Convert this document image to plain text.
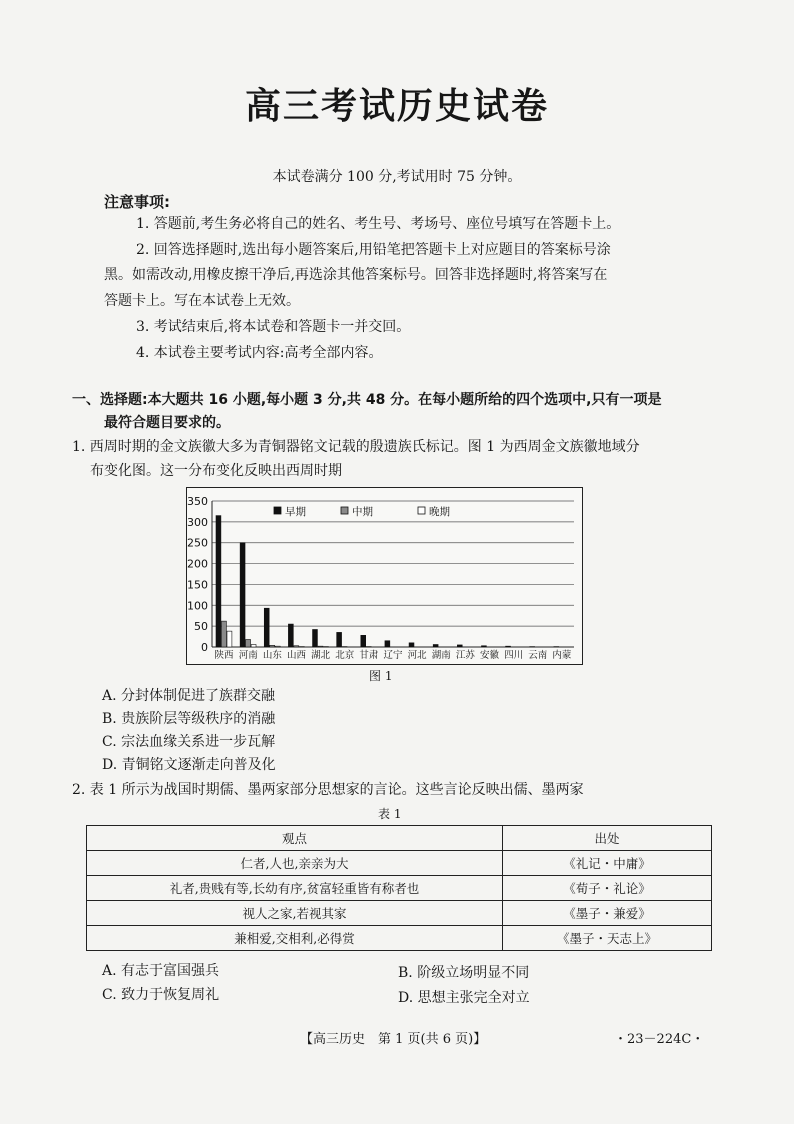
高三考试历史试卷
本试卷满分 100 分,考试用时 75 分钟。
注意事项:
1. 答题前,考生务必将自己的姓名、考生号、考场号、座位号填写在答题卡上。
2. 回答选择题时,选出每小题答案后,用铅笔把答题卡上对应题目的答案标号涂
黑。如需改动,用橡皮擦干净后,再选涂其他答案标号。回答非选择题时,将答案写在
答题卡上。写在本试卷上无效。
3. 考试结束后,将本试卷和答题卡一并交回。
4. 本试卷主要考试内容:高考全部内容。
一、选择题:本大题共 16 小题,每小题 3 分,共 48 分。在每小题所给的四个选项中,只有一项是
最符合题目要求的。
1. 西周时期的金文族徽大多为青铜器铭文记载的殷遗族氏标记。图 1 为西周金文族徽地域分
布变化图。这一分布变化反映出西周时期
0
50
100
150
200
250
300
350
陕西 河南 山东 山西 湖北 北京 甘肃 辽宁 河北 湖南 江苏 安徽 四川 云南 内蒙
早期	中期	晚期
图 1
A. 分封体制促进了族群交融
B. 贵族阶层等级秩序的消融
C. 宗法血缘关系进一步瓦解
D. 青铜铭文逐渐走向普及化
2. 表 1 所示为战国时期儒、墨两家部分思想家的言论。这些言论反映出儒、墨两家
表 1
观点	出处
仁者,人也,亲亲为大	《礼记・中庸》
礼者,贵贱有等,长幼有序,贫富轻重皆有称者也	《荀子・礼论》
视人之家,若视其家	《墨子・兼爱》
兼相爱,交相利,必得赏	《墨子・天志上》
A. 有志于富国强兵	B. 阶级立场明显不同
C. 致力于恢复周礼	D. 思想主张完全对立
【高三历史　第 1 页(共 6 页)】	・23－224C・
